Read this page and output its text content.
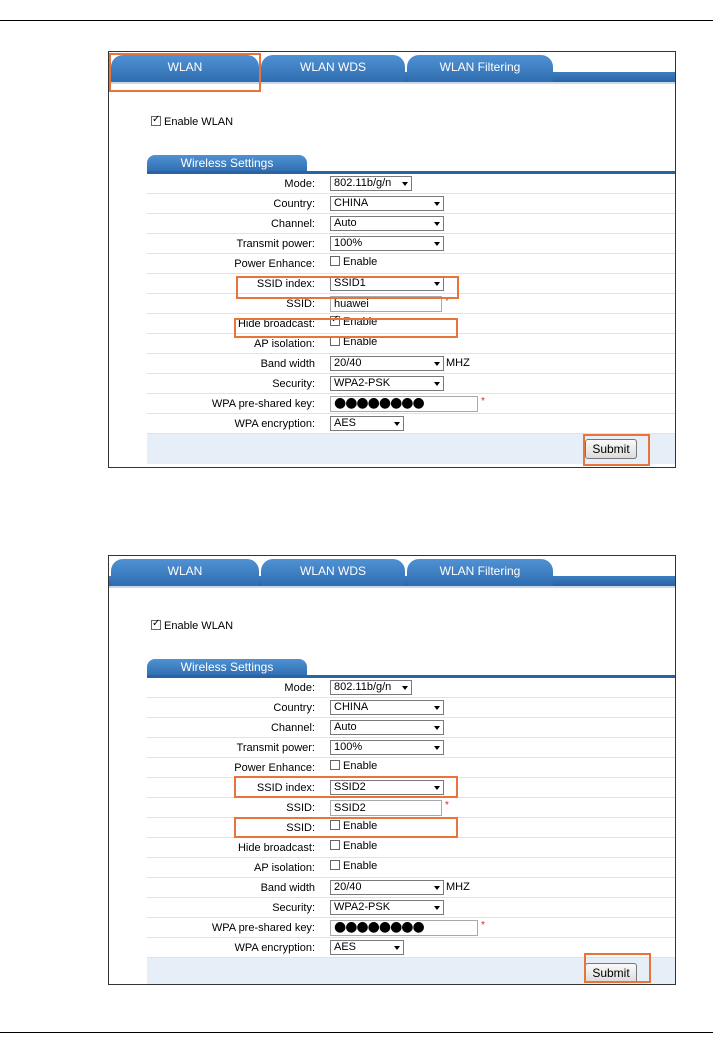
WLAN	WLAN WDS	WLAN Filtering
✓Enable WLAN
Wireless Settings
Mode:	802.11b/g/n
Country:	CHINA
Channel:	Auto
Transmit power:	100%
Power Enhance:	Enable
SSID index:	SSID1
SSID:	huawei	*
Hide broadcast:
✓	Enable
AP isolation:	Enable
Band width	20/40	MHZ
Security:	WPA2-PSK
WPA pre-shared key: ●●●●●●●●	*
WPA encryption:	AES
Submit
WLAN	WLAN WDS	WLAN Filtering
✓Enable WLAN
Wireless Settings
Mode:	802.11b/g/n
Country:	CHINA
Channel:	Auto
Transmit power:	100%
Power Enhance:	Enable
SSID index:	SSID2
SSID:	SSID2	*
SSID:	Enable
Hide broadcast:	Enable
AP isolation:	Enable
Band width	20/40	MHZ
Security:	WPA2-PSK
WPA pre-shared key: ●●●●●●●●	*
WPA encryption:	AES
Submit
